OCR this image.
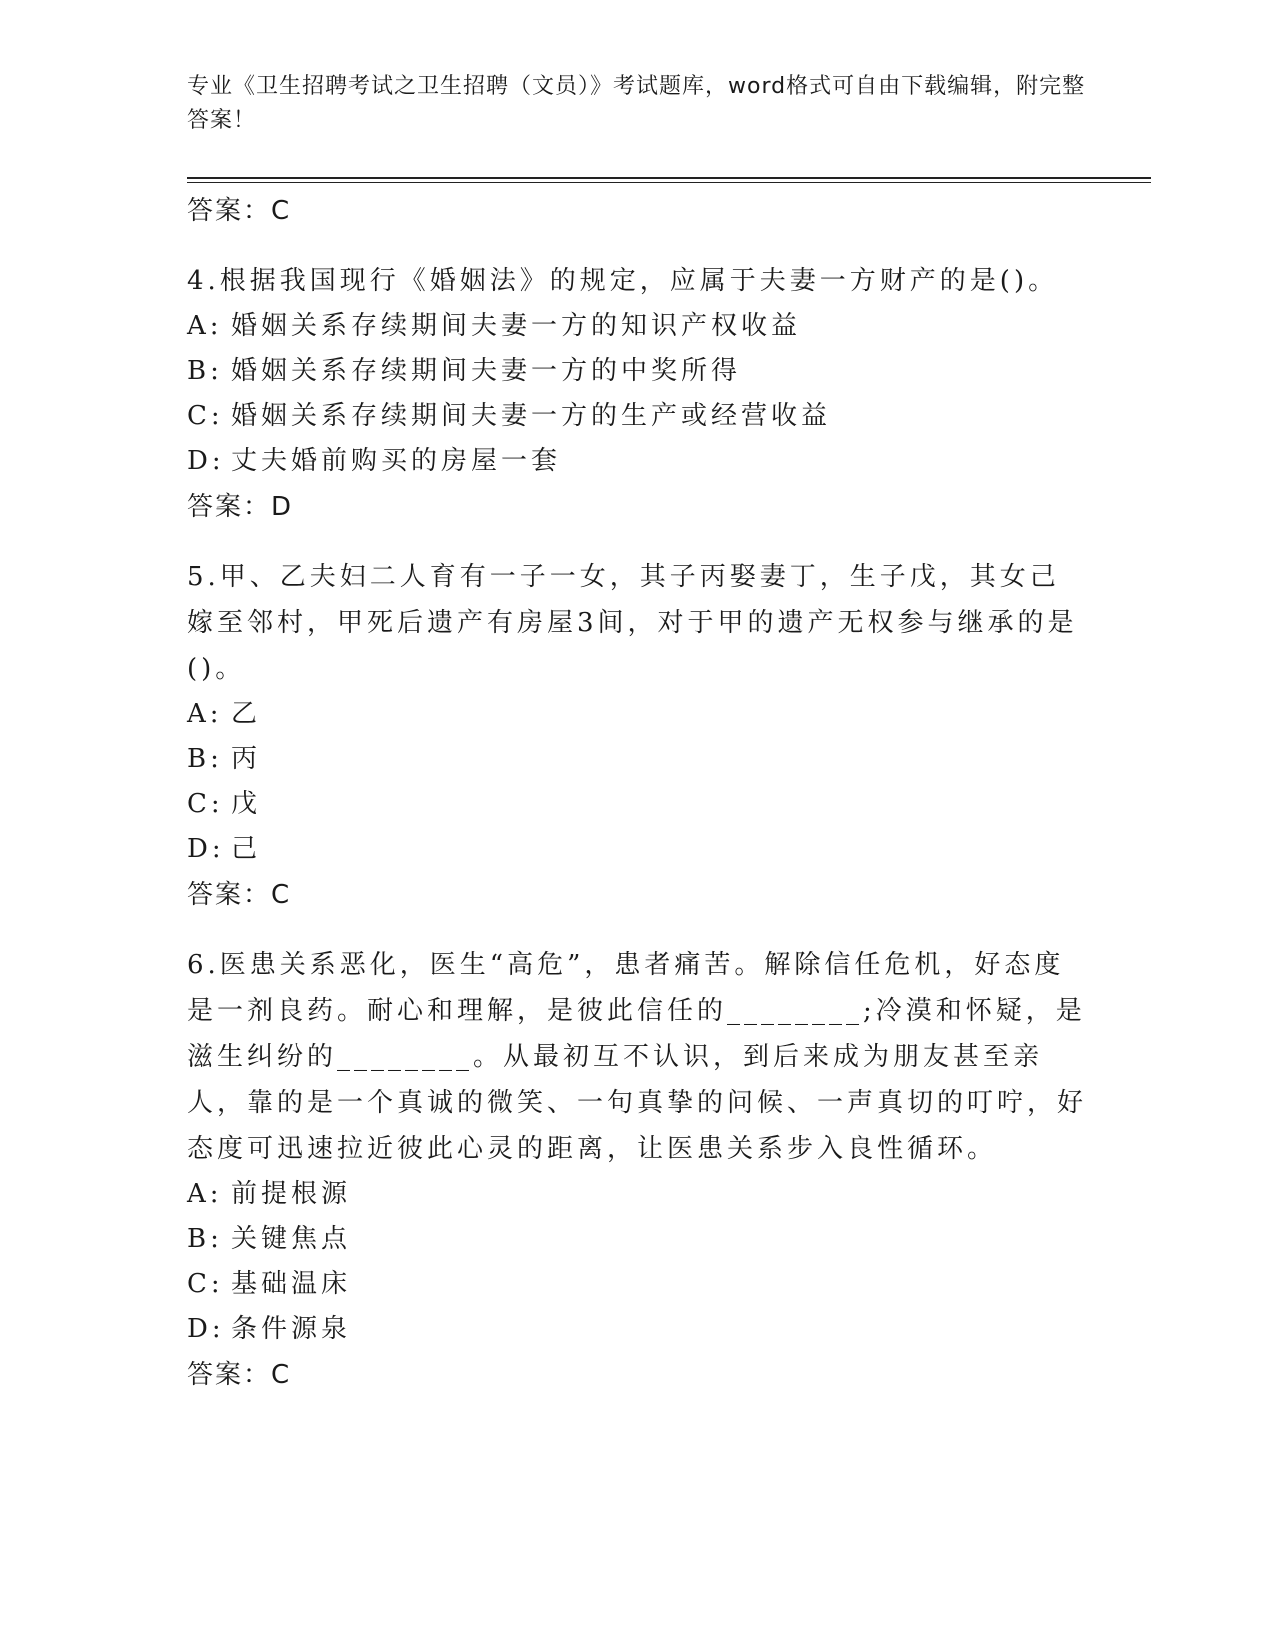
专业《卫生招聘考试之卫生招聘（文员）》考试题库，word格式可自由下载编辑，附完整答案！
答案：C

4.根据我国现行《婚姻法》的规定，应属于夫妻一方财产的是()。

A: 婚姻关系存续期间夫妻一方的知识产权收益
B: 婚姻关系存续期间夫妻一方的中奖所得
C: 婚姻关系存续期间夫妻一方的生产或经营收益
D: 丈夫婚前购买的房屋一套
答案：D

5.甲、乙夫妇二人育有一子一女，其子丙娶妻丁，生子戊，其女己嫁至邻村，甲死后遗产有房屋3间，对于甲的遗产无权参与继承的是()。

A: 乙
B: 丙
C: 戊
D: 己
答案：C

6.医患关系恶化，医生“高危”，患者痛苦。解除信任危机，好态度是一剂良药。耐心和理解，是彼此信任的________;冷漠和怀疑，是滋生纠纷的________。从最初互不认识，到后来成为朋友甚至亲人，靠的是一个真诚的微笑、一句真挚的问候、一声真切的叮咛，好态度可迅速拉近彼此心灵的距离，让医患关系步入良性循环。

A: 前提根源
B: 关键焦点
C: 基础温床
D: 条件源泉
答案：C
